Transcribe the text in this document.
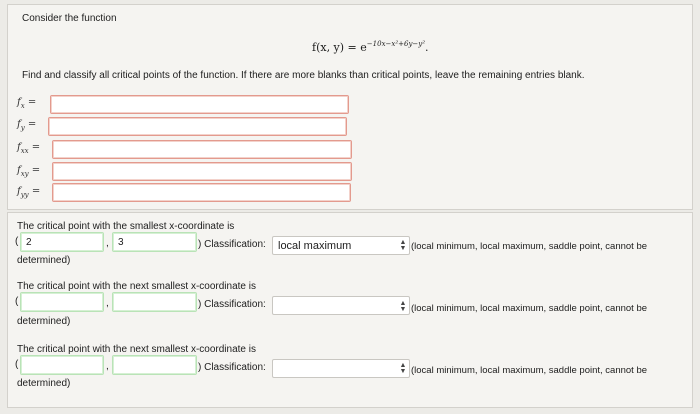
Consider the function
f(x, $y) = e^{-10x-x^2+6y-y^2}$.
Find and classify all critical points of the function. If there are more blanks than critical points, leave the remaining entries blank.
$f_x$ =
$f_y$ =
$f_{xx}$ =
$f_{xy}$ =
$f_{yy}$ =
The critical point with the smallest x-coordinate is
( 2	, 3	) Classification:	local maximum	▲
▼ (local minimum, local maximum, saddle point, cannot be
determined)
The critical point with the next smallest x-coordinate is
(	,	) Classification:	▲
▼ (local minimum, local maximum, saddle point, cannot be
determined)
The critical point with the next smallest x-coordinate is
(	,	) Classification:	▲
▼ (local minimum, local maximum, saddle point, cannot be
determined)
